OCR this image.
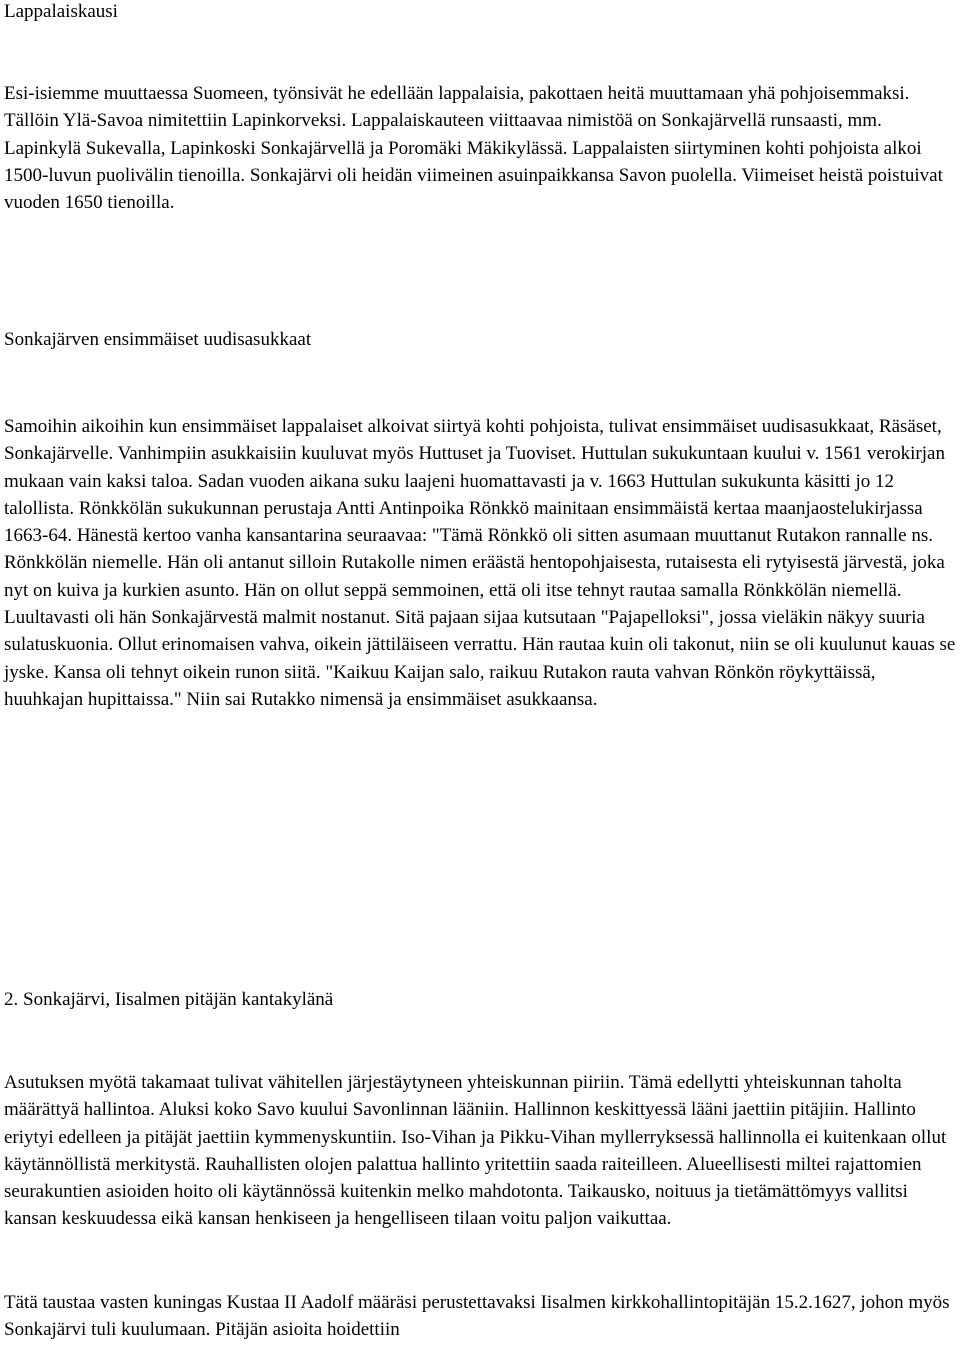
Lappalaiskausi

Esi-isiemme muuttaessa Suomeen, työnsivät he edellään lappalaisia, pakottaen heitä muuttamaan yhä pohjoisemmaksi. Tällöin Ylä-Savoa nimitettiin Lapinkorveksi. Lappalaiskauteen viittaavaa nimistöä on Sonkajärvellä runsaasti, mm. Lapinkylä Sukevalla, Lapinkoski Sonkajärvellä ja Poromäki Mäkikylässä. Lappalaisten siirtyminen kohti pohjoista alkoi 1500-luvun puolivälin tienoilla. Sonkajärvi oli heidän viimeinen asuinpaikkansa Savon puolella. Viimeiset heistä poistuivat vuoden 1650 tienoilla.

Sonkajärven ensimmäiset uudisasukkaat

Samoihin aikoihin kun ensimmäiset lappalaiset alkoivat siirtyä kohti pohjoista, tulivat ensimmäiset uudisasukkaat, Räsäset, Sonkajärvelle. Vanhimpiin asukkaisiin kuuluvat myös Huttuset ja Tuoviset. Huttulan sukukuntaan kuului v. 1561 verokirjan mukaan vain kaksi taloa. Sadan vuoden aikana suku laajeni huomattavasti ja v. 1663 Huttulan sukukunta käsitti jo 12 talollista. Rönkkölän sukukunnan perustaja Antti Antinpoika Rönkkö mainitaan ensimmäistä kertaa maanjaostelukirjassa 1663-64. Hänestä kertoo vanha kansantarina seuraavaa: "Tämä Rönkkö oli sitten asumaan muuttanut Rutakon rannalle ns. Rönkkölän niemelle. Hän oli antanut silloin Rutakolle nimen eräästä hentopohjaisesta, rutaisesta eli rytyisestä järvestä, joka nyt on kuiva ja kurkien asunto. Hän on ollut seppä semmoinen, että oli itse tehnyt rautaa samalla Rönkkölän niemellä. Luultavasti oli hän Sonkajärvestä malmit nostanut. Sitä pajaan sijaa kutsutaan "Pajapelloksi", jossa vieläkin näkyy suuria sulatuskuonia. Ollut erinomaisen vahva, oikein jättiläiseen verrattu. Hän rautaa kuin oli takonut, niin se oli kuulunut kauas se jyske. Kansa oli tehnyt oikein runon siitä. "Kaikuu Kaijan salo, raikuu Rutakon rauta vahvan Rönkön röykyttäissä, huuhkajan hupittaissa." Niin sai Rutakko nimensä ja ensimmäiset asukkaansa.

2. Sonkajärvi, Iisalmen pitäjän kantakylänä

Asutuksen myötä takamaat tulivat vähitellen järjestäytyneen yhteiskunnan piiriin. Tämä edellytti yhteiskunnan taholta määrättyä hallintoa. Aluksi koko Savo kuului Savonlinnan lääniin. Hallinnon keskittyessä lääni jaettiin pitäjiin. Hallinto eriytyi edelleen ja pitäjät jaettiin kymmenyskuntiin. Iso-Vihan ja Pikku-Vihan myllerryksessä hallinnolla ei kuitenkaan ollut käytännöllistä merkitystä. Rauhallisten olojen palattua hallinto yritettiin saada raiteilleen. Alueellisesti miltei rajattomien seurakuntien asioiden hoito oli käytännössä kuitenkin melko mahdotonta. Taikausko, noituus ja tietämättömyys vallitsi kansan keskuudessa eikä kansan henkiseen ja hengelliseen tilaan voitu paljon vaikuttaa.

Tätä taustaa vasten kuningas Kustaa II Aadolf määräsi perustettavaksi Iisalmen kirkkohallintopitäjän 15.2.1627, johon myös Sonkajärvi tuli kuulumaan. Pitäjän asioita hoidettiin
